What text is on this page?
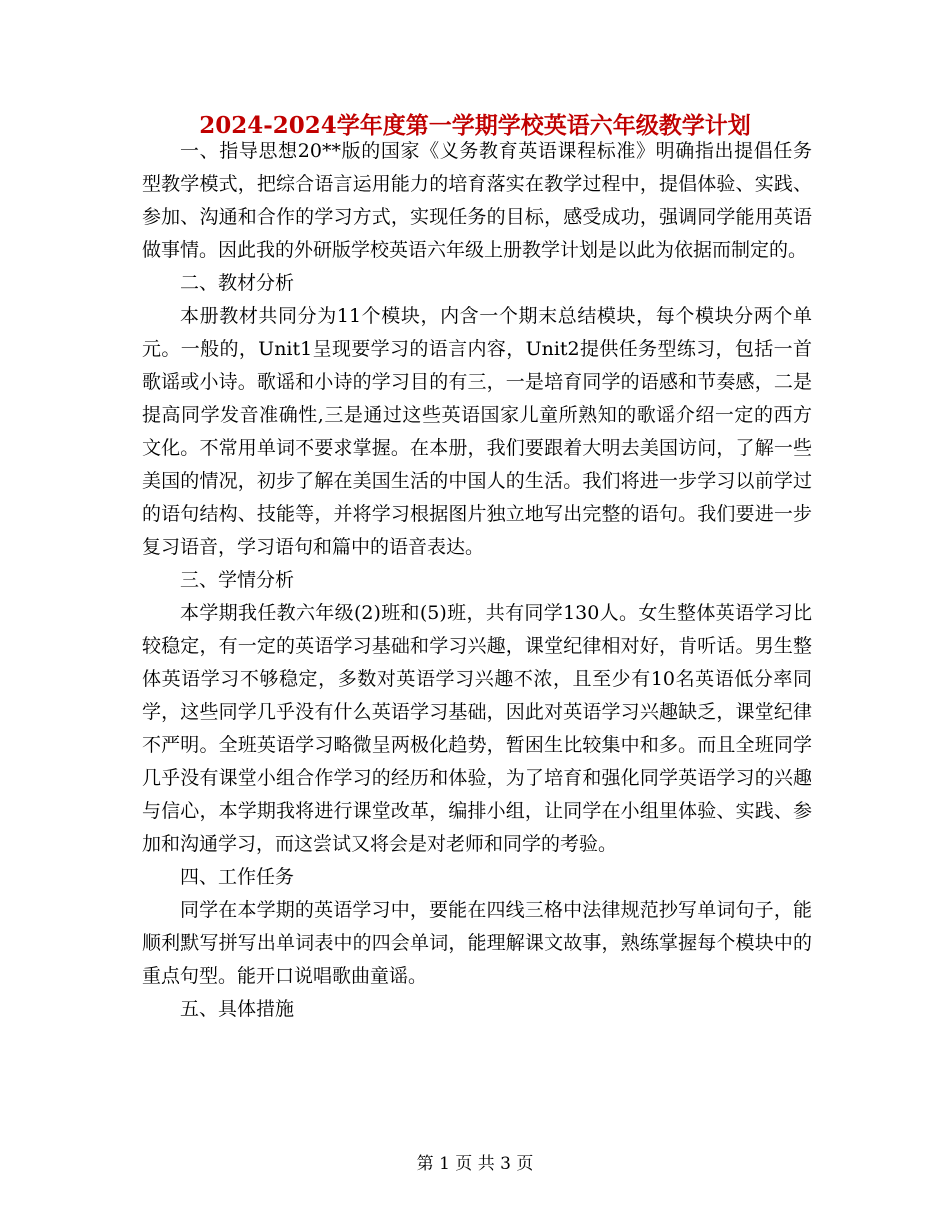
2024-2024学年度第一学期学校英语六年级教学计划

一、指导思想20**版的国家《义务教育英语课程标准》明确指出提倡任务型教学模式，把综合语言运用能力的培育落实在教学过程中，提倡体验、实践、参加、沟通和合作的学习方式，实现任务的目标，感受成功，强调同学能用英语做事情。因此我的外研版学校英语六年级上册教学计划是以此为依据而制定的。

二、教材分析

本册教材共同分为11个模块，内含一个期末总结模块，每个模块分两个单元。一般的，Unit1呈现要学习的语言内容，Unit2提供任务型练习，包括一首歌谣或小诗。歌谣和小诗的学习目的有三，一是培育同学的语感和节奏感，二是提高同学发音准确性,三是通过这些英语国家儿童所熟知的歌谣介绍一定的西方文化。不常用单词不要求掌握。在本册，我们要跟着大明去美国访问，了解一些美国的情况，初步了解在美国生活的中国人的生活。我们将进一步学习以前学过的语句结构、技能等，并将学习根据图片独立地写出完整的语句。我们要进一步复习语音，学习语句和篇中的语音表达。

三、学情分析

本学期我任教六年级(2)班和(5)班，共有同学130人。女生整体英语学习比较稳定，有一定的英语学习基础和学习兴趣，课堂纪律相对好，肯听话。男生整体英语学习不够稳定，多数对英语学习兴趣不浓，且至少有10名英语低分率同学，这些同学几乎没有什么英语学习基础，因此对英语学习兴趣缺乏，课堂纪律不严明。全班英语学习略微呈两极化趋势，暂困生比较集中和多。而且全班同学几乎没有课堂小组合作学习的经历和体验，为了培育和强化同学英语学习的兴趣与信心，本学期我将进行课堂改革，编排小组，让同学在小组里体验、实践、参加和沟通学习，而这尝试又将会是对老师和同学的考验。

四、工作任务

同学在本学期的英语学习中，要能在四线三格中法律规范抄写单词句子，能顺利默写拼写出单词表中的四会单词，能理解课文故事，熟练掌握每个模块中的重点句型。能开口说唱歌曲童谣。

五、具体措施

第 1 页 共 3 页
